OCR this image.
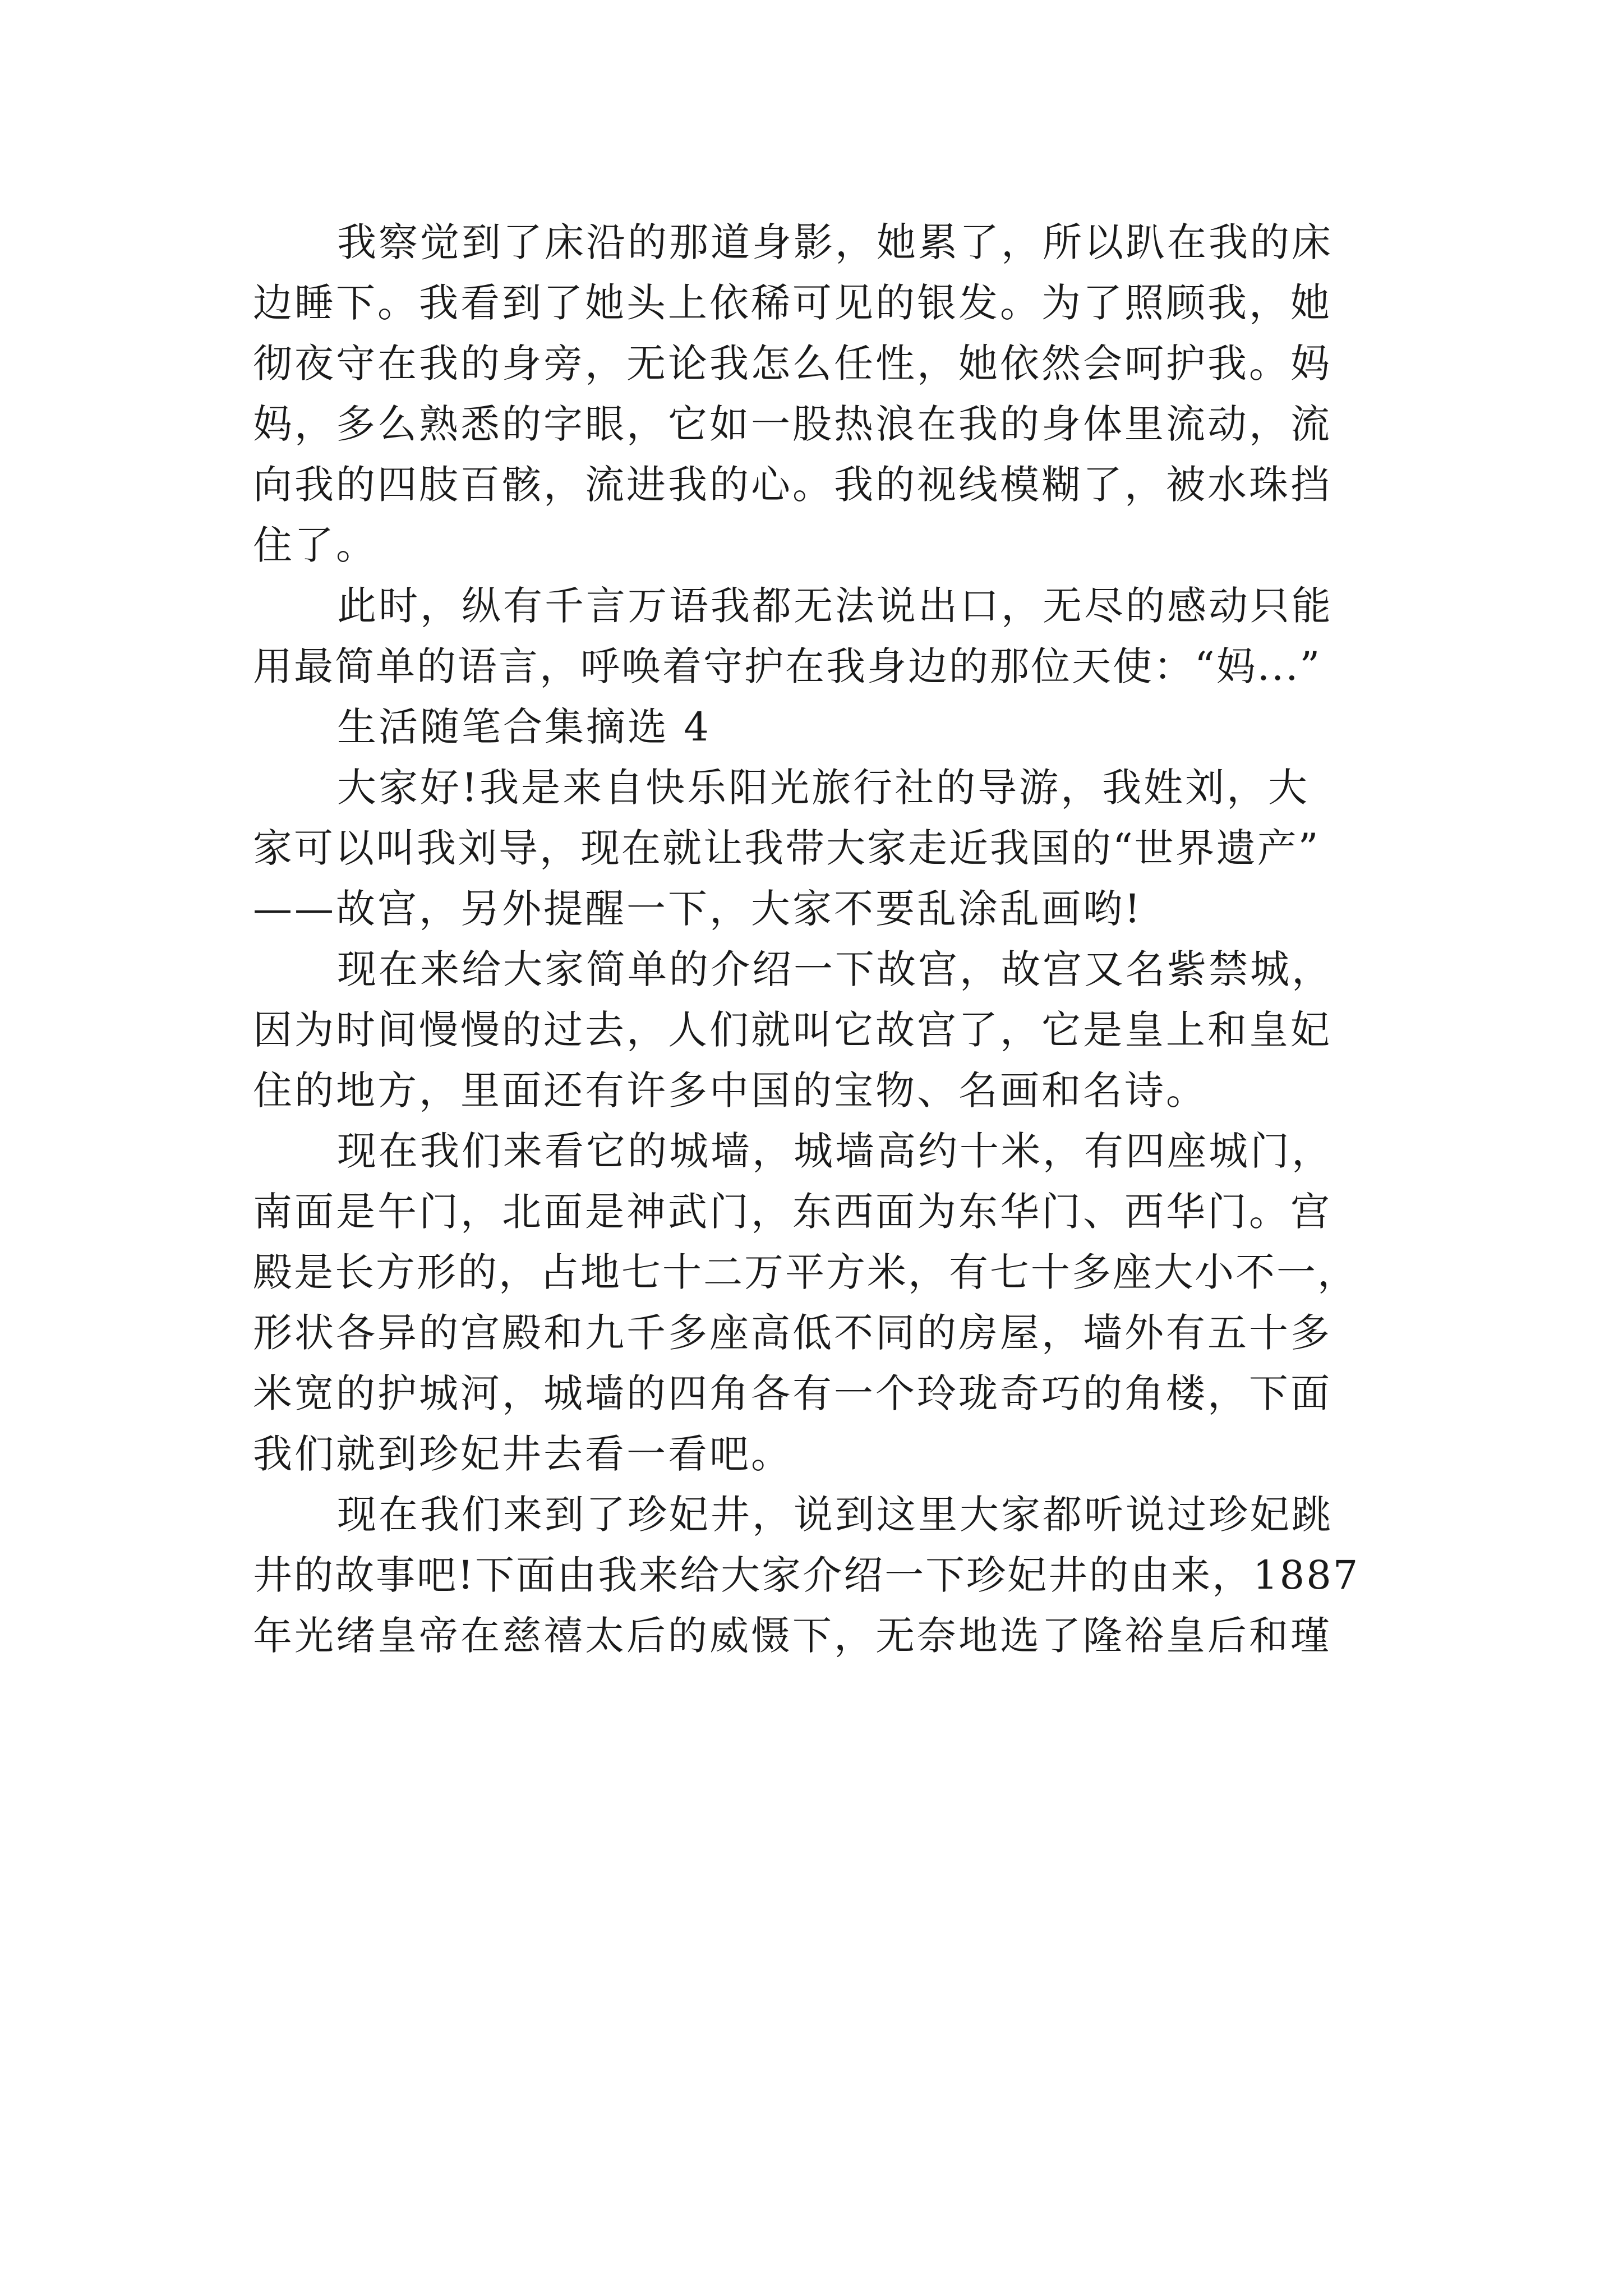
我察觉到了床沿的那道身影，她累了，所以趴在我的床
边睡下。我看到了她头上依稀可见的银发。为了照顾我，她
彻夜守在我的身旁，无论我怎么任性，她依然会呵护我。妈
妈，多么熟悉的字眼，它如一股热浪在我的身体里流动，流
向我的四肢百骸，流进我的心。我的视线模糊了，被水珠挡
住了。
此时，纵有千言万语我都无法说出口，无尽的感动只能
用最简单的语言，呼唤着守护在我身边的那位天使：“妈...”
生活随笔合集摘选 4
大家好!我是来自快乐阳光旅行社的导游，我姓刘，大
家可以叫我刘导，现在就让我带大家走近我国的“世界遗产”
——故宫，另外提醒一下，大家不要乱涂乱画哟!
现在来给大家简单的介绍一下故宫，故宫又名紫禁城，
因为时间慢慢的过去，人们就叫它故宫了，它是皇上和皇妃
住的地方，里面还有许多中国的宝物、名画和名诗。
现在我们来看它的城墙，城墙高约十米，有四座城门，
南面是午门，北面是神武门，东西面为东华门、西华门。宫
殿是长方形的，占地七十二万平方米，有七十多座大小不一，
形状各异的宫殿和九千多座高低不同的房屋，墙外有五十多
米宽的护城河，城墙的四角各有一个玲珑奇巧的角楼，下面
我们就到珍妃井去看一看吧。
现在我们来到了珍妃井，说到这里大家都听说过珍妃跳
井的故事吧!下面由我来给大家介绍一下珍妃井的由来，1887
年光绪皇帝在慈禧太后的威慑下，无奈地选了隆裕皇后和瑾
